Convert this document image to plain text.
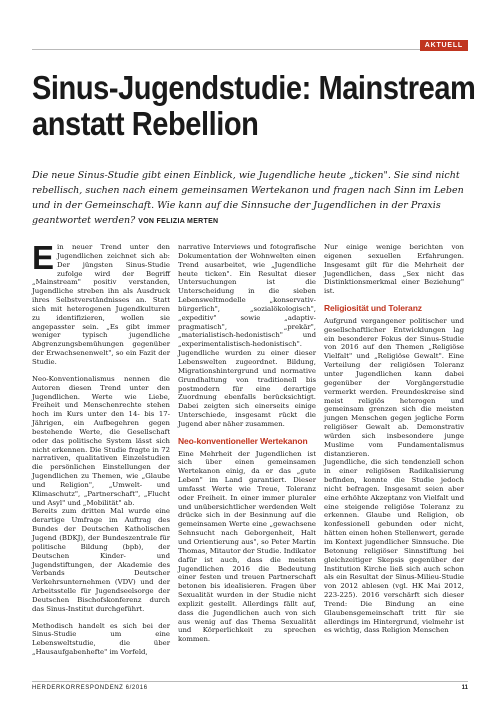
AKTUELL
Sinus-Jugendstudie: Mainstream
anstatt Rebellion

Die neue Sinus-Studie gibt einen Einblick, wie Jugendliche heute „ticken". Sie sind nicht rebellisch, suchen nach einem gemeinsamen Wertekanon und fragen nach Sinn im Leben und in der Gemeinschaft. Wie kann auf die Sinnsuche der Jugendlichen in der Praxis geantwortet werden? VON FELIZIA MERTEN

Ein neuer Trend unter den Jugendlichen zeichnet sich ab: Der jüngsten Sinus-Studie zufolge wird der Begriff „Mainstream" positiv verstanden, Jugendliche streben ihn als Ausdruck ihres Selbstverständnisses an. Statt sich mit heterogenen Jugendkulturen zu identifizieren, wollen sie angepasster sein. „Es gibt immer weniger typisch jugendliche Abgrenzungsbemühungen gegenüber der Erwachsenenwelt", so ein Fazit der Studie.

Neo-Konventionalismus nennen die Autoren diesen Trend unter den Jugendlichen. Werte wie Liebe, Freiheit und Menschenrechte stehen hoch im Kurs unter den 14- bis 17-Jährigen, ein Aufbegehren gegen bestehende Werte, die Gesellschaft oder das politische System lässt sich nicht erkennen. Die Studie fragte in 72 narrativen, qualitativen Einzelstudien die persönlichen Einstellungen der Jugendlichen zu Themen, wie „Glaube und Religion", „Umwelt- und Klimaschutz", „Partnerschaft", „Flucht und Asyl" und „Mobilität" ab.

Bereits zum dritten Mal wurde eine derartige Umfrage im Auftrag des Bundes der Deutschen Katholischen Jugend (BDKJ), der Bundeszentrale für politische Bildung (bpb), der Deutschen Kinder- und Jugendstiftungen, der Akademie des Verbands Deutscher Verkehrsunternehmen (VDV) und der Arbeitsstelle für Jugendseelsorge der Deutschen Bischofskonferenz durch das Sinus-Institut durchgeführt.

Methodisch handelt es sich bei der Sinus-Studie um eine Lebensweltstudie, die über „Hausaufgabenhefte" im Vorfeld,

narrative Interviews und fotografische Dokumentation der Wohnwelten einen Trend ausarbeitet, wie „Jugendliche heute ticken". Ein Resultat dieser Untersuchungen ist die Unterscheidung in die sieben Lebensweltmodelle „konservativ-bürgerlich", „sozialökologisch", „expeditiv" sowie „adaptiv-pragmatisch", „prekär", „materialistisch-hedonistisch" und „experimentalistisch-hedonistisch". Jugendliche wurden zu einer dieser Lebenswelten zugeordnet. Bildung, Migrationshintergrund und normative Grundhaltung von traditionell bis postmodern für eine derartige Zuordnung ebenfalls berücksichtigt. Dabei zeigten sich einerseits einige Unterschiede, insgesamt rückt die Jugend aber näher zusammen.

Neo-konventioneller Wertekanon

Eine Mehrheit der Jugendlichen ist sich über einen gemeinsamen Wertekanon einig, da er das „gute Leben" im Land garantiert. Dieser umfasst Werte wie Treue, Toleranz oder Freiheit. In einer immer pluraler und unübersichtlicher werdenden Welt drücke sich in der Besinnung auf die gemeinsamen Werte eine „gewachsene Sehnsucht nach Geborgenheit, Halt und Orientierung aus", so Peter Martin Thomas, Mitautor der Studie. Indikator dafür ist auch, dass die meisten Jugendlichen 2016 die Bedeutung einer festen und treuen Partnerschaft betonen bis idealisieren. Fragen über Sexualität wurden in der Studie nicht explizit gestellt. Allerdings fällt auf, dass die Jugendlichen auch von sich aus wenig auf das Thema Sexualität und Körperlichkeit zu sprechen kommen.

Nur einige wenige berichten von eigenen sexuellen Erfahrungen. Insgesamt gilt für die Mehrheit der Jugendlichen, dass „Sex nicht das Distinktionsmerkmal einer Beziehung" ist.

Religiosität und Toleranz

Aufgrund vergangener politischer und gesellschaftlicher Entwicklungen lag ein besonderer Fokus der Sinus-Studie von 2016 auf den Themen „Religiöse Vielfalt" und „Religiöse Gewalt". Eine Verteilung der religiösen Toleranz unter Jugendlichen kann dabei gegenüber der Vorgängerstudie vermerkt werden. Freundeskreise sind meist religiös heterogen und gemeinsam grenzen sich die meisten jungen Menschen gegen jegliche Form religiöser Gewalt ab. Demonstrativ würden sich insbesondere junge Muslime vom Fundamentalismus distanzieren.

Jugendliche, die sich tendenziell schon in einer religiösen Radikalisierung befinden, konnte die Studie jedoch nicht befragen. Insgesamt seien aber eine erhöhte Akzeptanz von Vielfalt und eine steigende religiöse Toleranz zu erkennen. Glaube und Religion, ob konfessionell gebunden oder nicht, hätten einen hohen Stellenwert, gerade im Kontext jugendlicher Sinnsuche. Die Betonung religiöser Sinnstiftung bei gleichzeitiger Skepsis gegenüber der Institution Kirche ließ sich auch schon als ein Resultat der Sinus-Milieu-Studie von 2012 ablesen (vgl. HK Mai 2012, 223-225). 2016 verschärft sich dieser Trend: Die Bindung an eine Glaubensgemeinschaft tritt für sie allerdings im Hintergrund, vielmehr ist es wichtig, dass Religion Menschen

HERDERKORRESPONDENZ 6/2016	11
